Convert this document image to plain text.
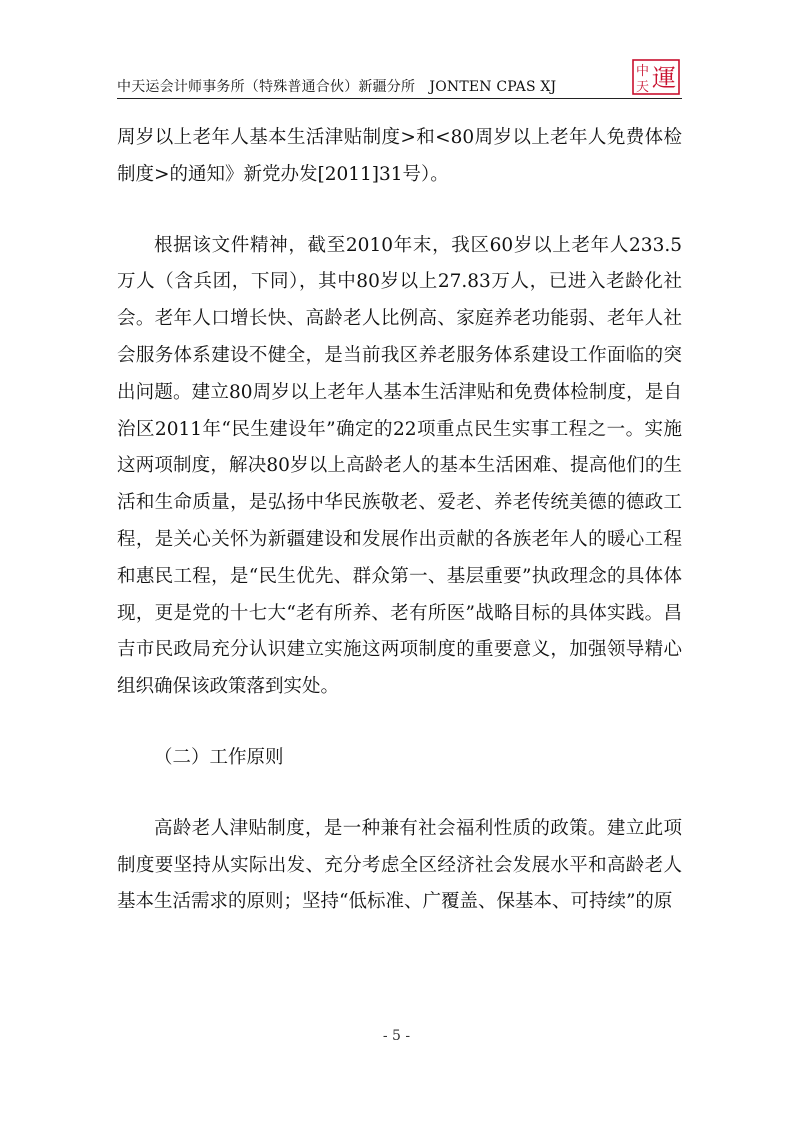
中天运会计师事务所（特殊普通合伙）新疆分所　JONTEN CPAS XJ
中
天 運

周岁以上老年人基本生活津贴制度>和<80周岁以上老年人免费体检制度>的通知》新党办发[2011]31号）。

根据该文件精神，截至2010年末，我区60岁以上老年人233.5万人（含兵团，下同），其中80岁以上27.83万人，已进入老龄化社会。老年人口增长快、高龄老人比例高、家庭养老功能弱、老年人社会服务体系建设不健全，是当前我区养老服务体系建设工作面临的突出问题。建立80周岁以上老年人基本生活津贴和免费体检制度，是自治区2011年“民生建设年”确定的22项重点民生实事工程之一。实施这两项制度，解决80岁以上高龄老人的基本生活困难、提高他们的生活和生命质量，是弘扬中华民族敬老、爱老、养老传统美德的德政工程，是关心关怀为新疆建设和发展作出贡献的各族老年人的暖心工程和惠民工程，是“民生优先、群众第一、基层重要”执政理念的具体体现，更是党的十七大“老有所养、老有所医”战略目标的具体实践。昌吉市民政局充分认识建立实施这两项制度的重要意义，加强领导精心组织确保该政策落到实处。

（二）工作原则

高龄老人津贴制度，是一种兼有社会福利性质的政策。建立此项制度要坚持从实际出发、充分考虑全区经济社会发展水平和高龄老人基本生活需求的原则；坚持“低标准、广覆盖、保基本、可持续”的原

- 5 -
